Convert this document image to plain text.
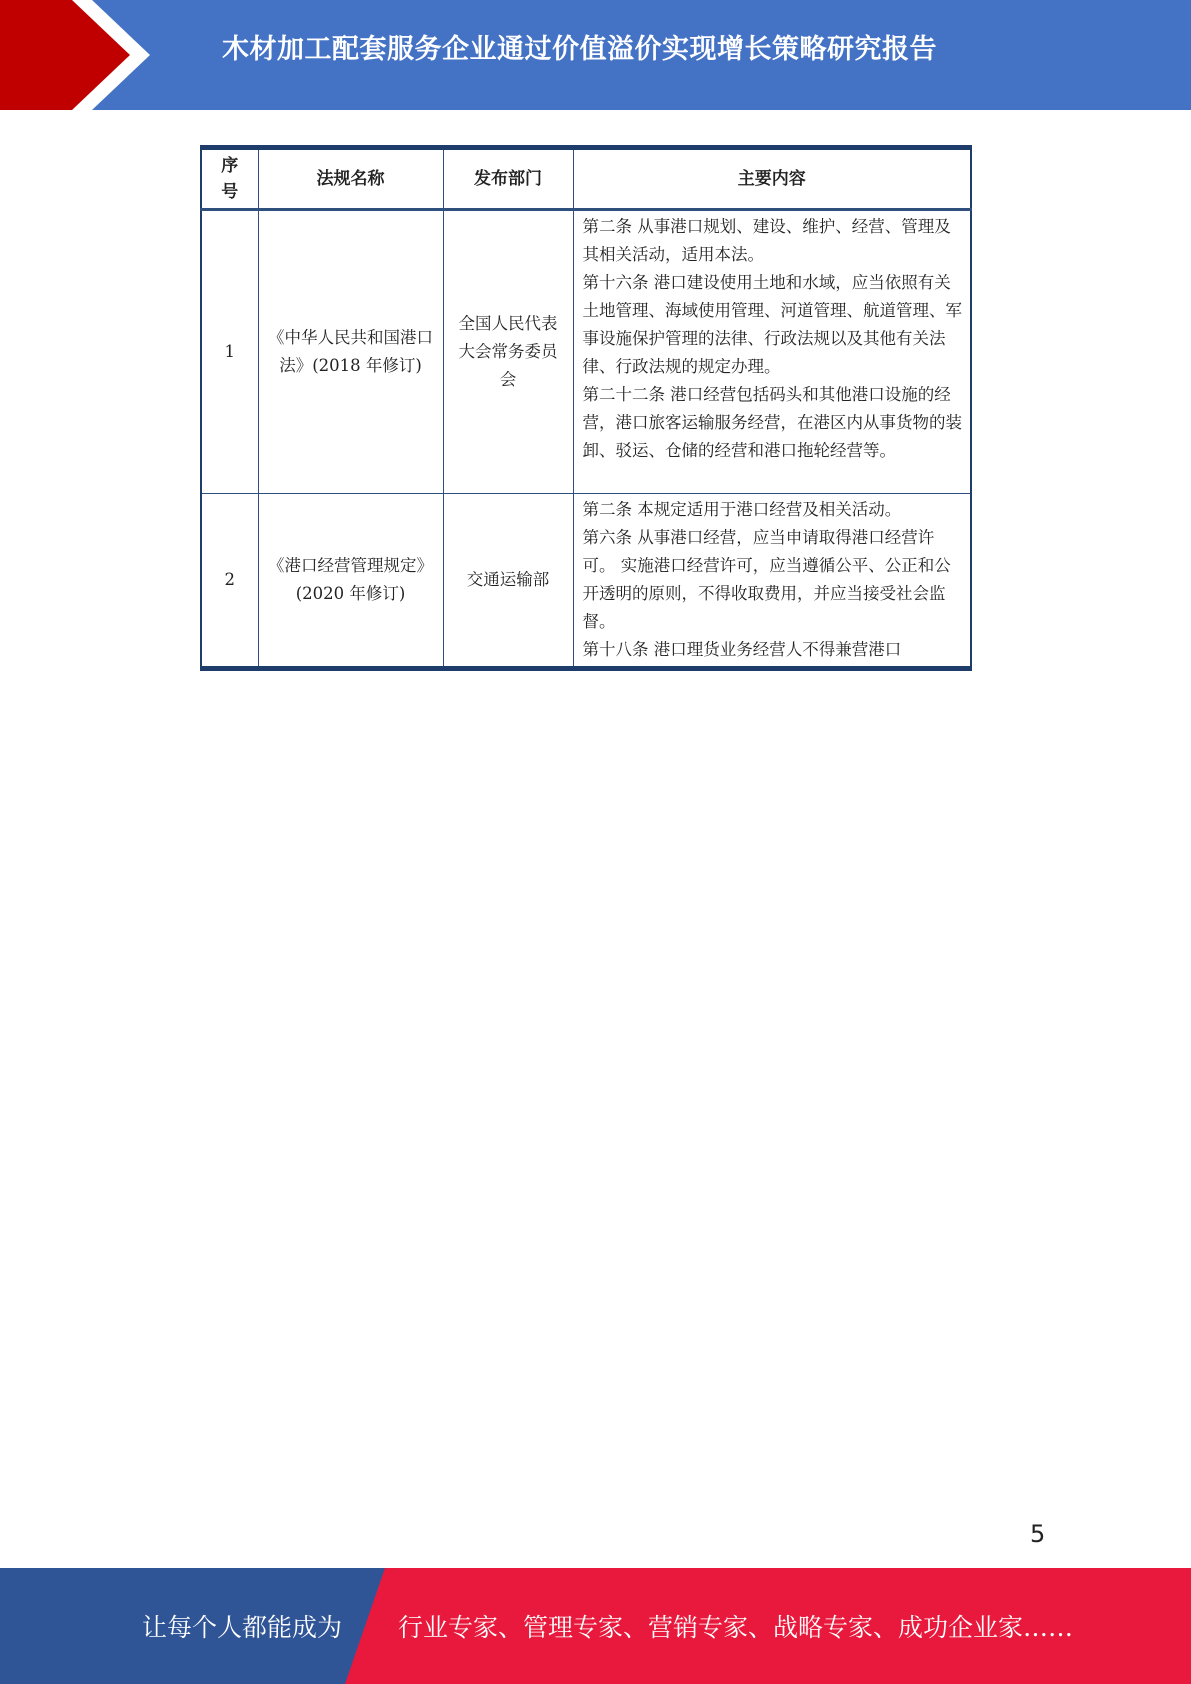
木材加工配套服务企业通过价值溢价实现增长策略研究报告
序号	法规名称	发布部门	主要内容
1	《中华人民共和国港口法》(2018 年修订)	全国人民代表大会常务委员会	第二条 从事港口规划、建设、维护、经营、管理及其相关活动，适用本法。
第十六条 港口建设使用土地和水域，应当依照有关土地管理、海域使用管理、河道管理、航道管理、军事设施保护管理的法律、行政法规以及其他有关法律、行政法规的规定办理。
第二十二条 港口经营包括码头和其他港口设施的经营，港口旅客运输服务经营，在港区内从事货物的装卸、驳运、仓储的经营和港口拖轮经营等。

2	《港口经营管理规定》(2020 年修订)	交通运输部	第二条 本规定适用于港口经营及相关活动。
第六条 从事港口经营，应当申请取得港口经营许可。 实施港口经营许可，应当遵循公平、公正和公开透明的原则，不得收取费用，并应当接受社会监督。
第十八条 港口理货业务经营人不得兼营港口
5
让每个人都能成为 行业专家、管理专家、营销专家、战略专家、成功企业家……
